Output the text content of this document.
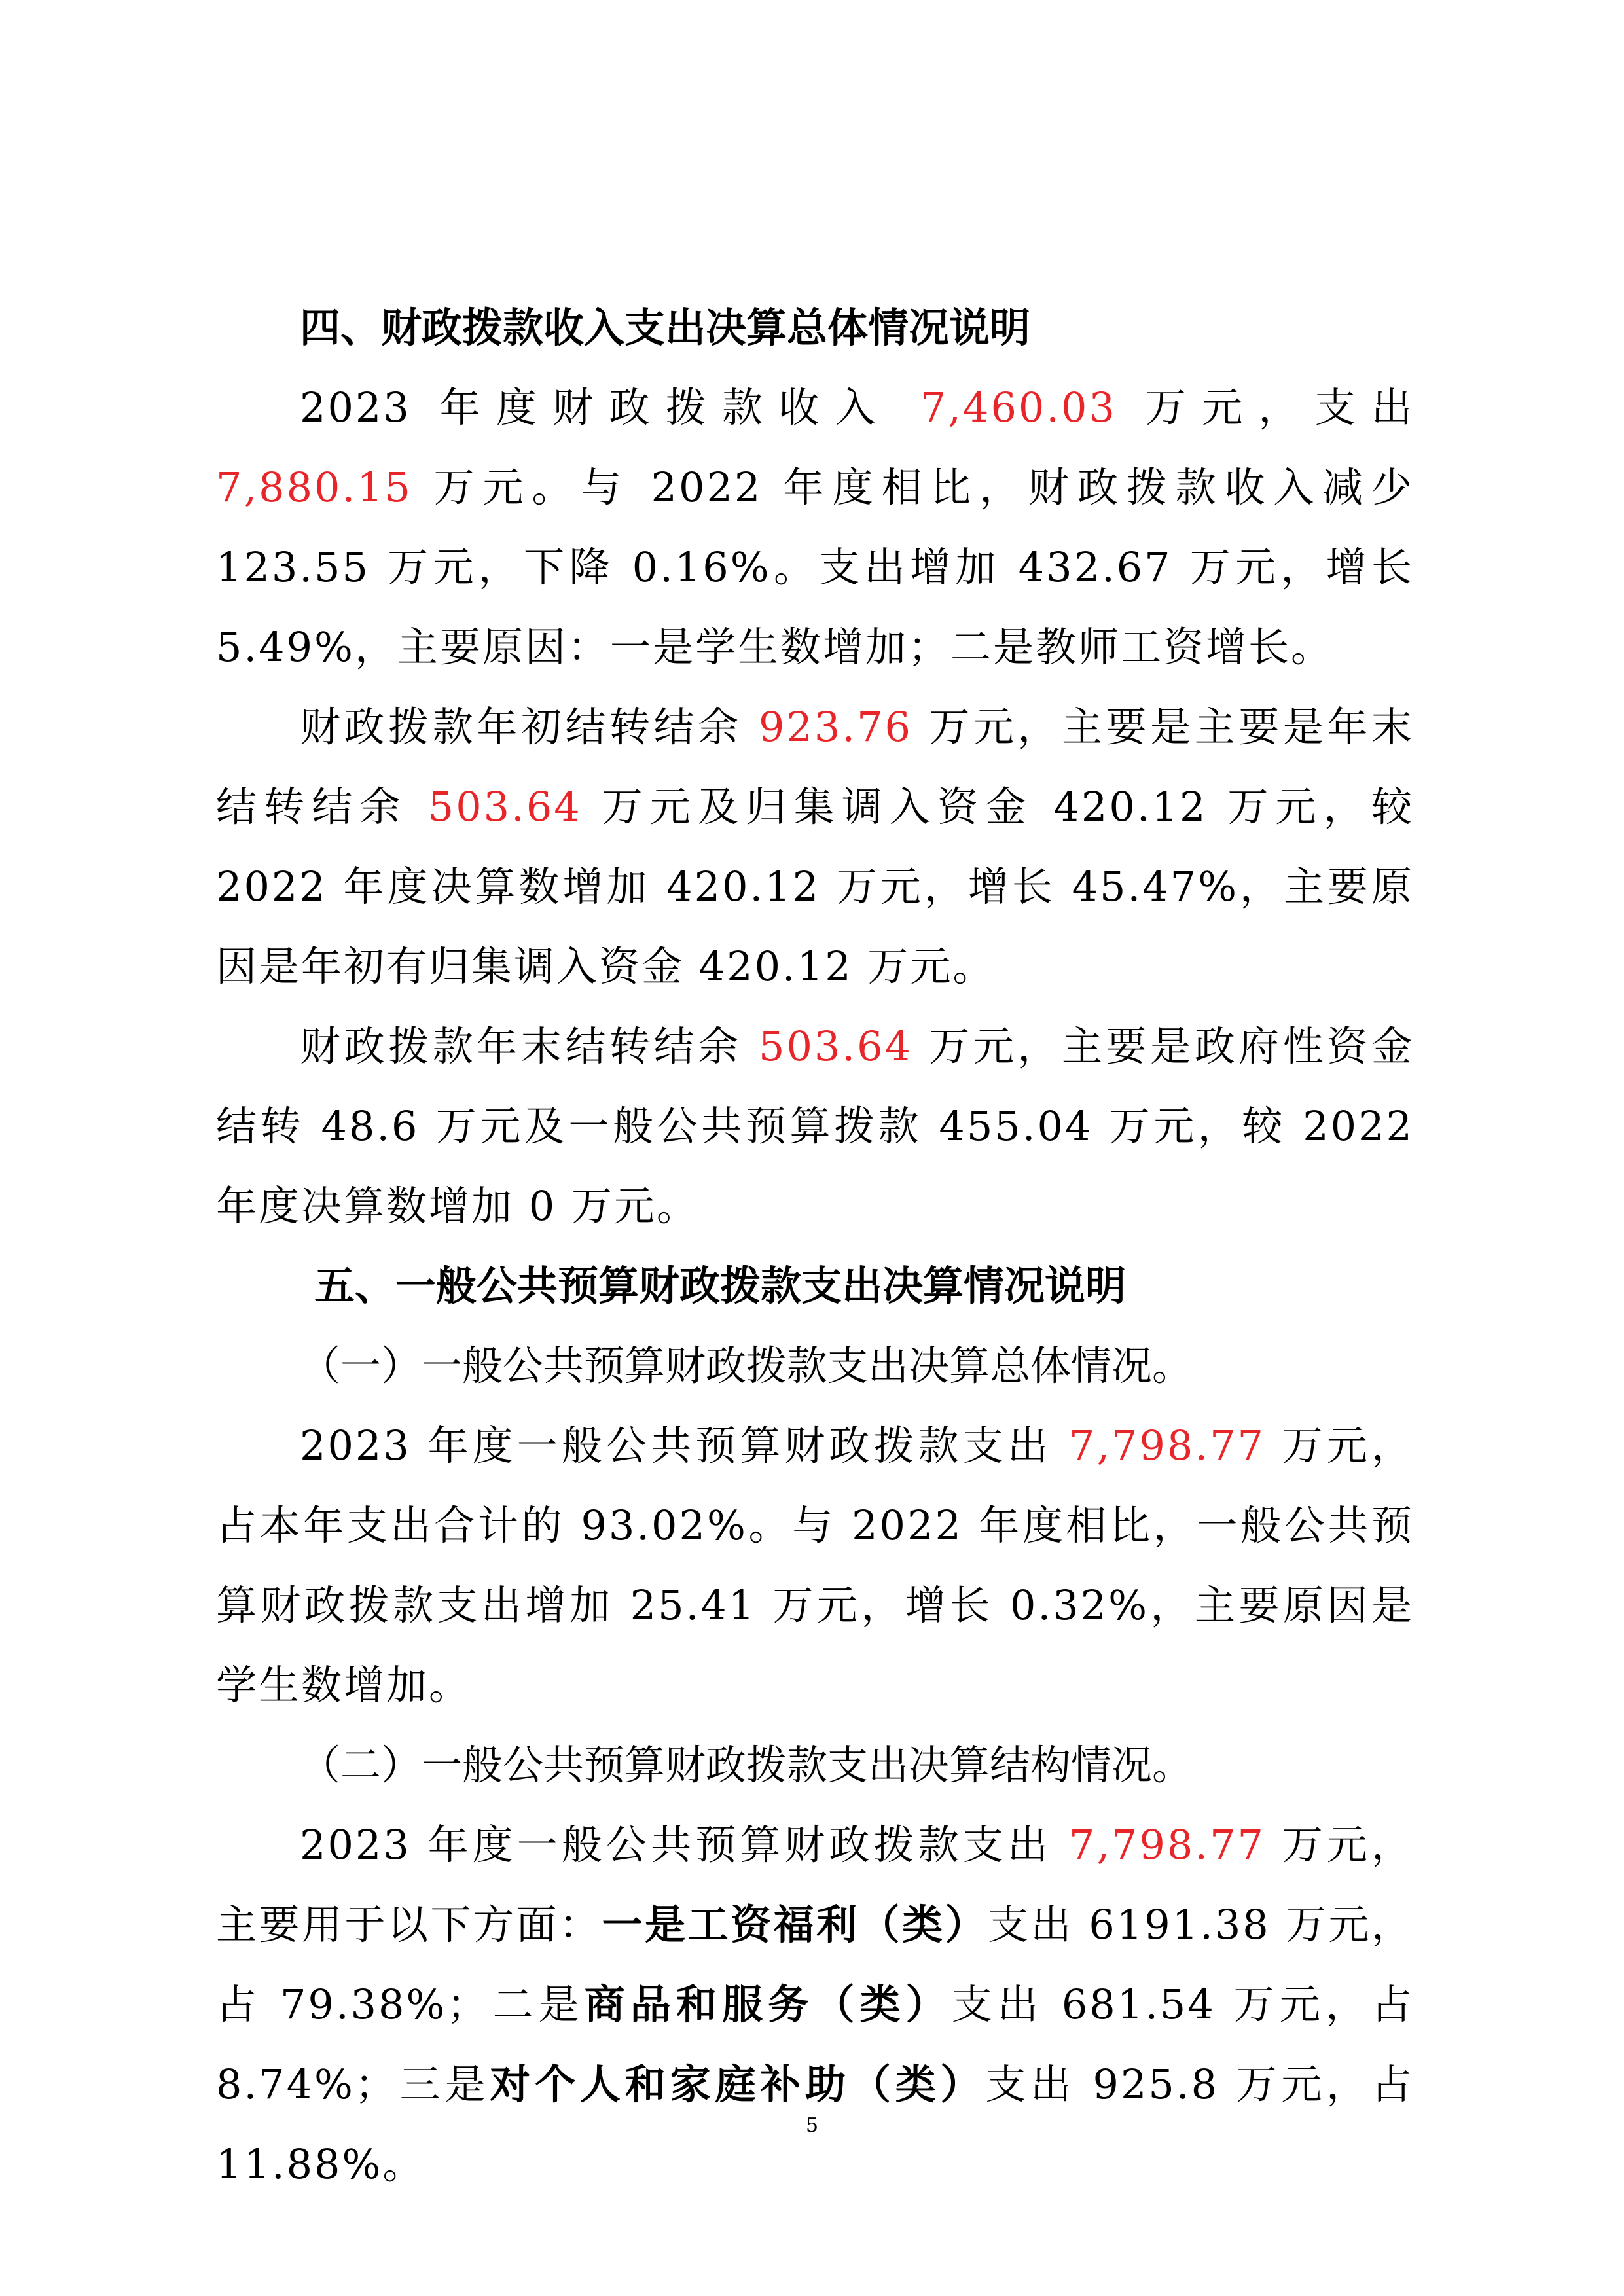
四、财政拨款收入支出决算总体情况说明

2023 年度财政拨款收入 7,460.03 万元，支出 7,880.15 万元。与 2022 年度相比，财政拨款收入减少 123.55 万元，下降 0.16%。支出增加 432.67 万元，增长 5.49%，主要原因：一是学生数增加；二是教师工资增长。

财政拨款年初结转结余 923.76 万元，主要是主要是年末结转结余 503.64 万元及归集调入资金 420.12 万元，较 2022 年度决算数增加 420.12 万元，增长 45.47%，主要原因是年初有归集调入资金 420.12 万元。

财政拨款年末结转结余 503.64 万元，主要是政府性资金结转 48.6 万元及一般公共预算拨款 455.04 万元，较 2022 年度决算数增加 0 万元。

五、一般公共预算财政拨款支出决算情况说明

（一）一般公共预算财政拨款支出决算总体情况。

2023 年度一般公共预算财政拨款支出 7,798.77 万元，占本年支出合计的 93.02%。与 2022 年度相比，一般公共预算财政拨款支出增加 25.41 万元，增长 0.32%，主要原因是学生数增加。

（二）一般公共预算财政拨款支出决算结构情况。

2023 年度一般公共预算财政拨款支出 7,798.77 万元，主要用于以下方面：一是工资福利（类）支出 6191.38 万元，占 79.38%；二是商品和服务（类）支出 681.54 万元，占 8.74%；三是对个人和家庭补助（类）支出 925.8 万元，占 11.88%。

5
